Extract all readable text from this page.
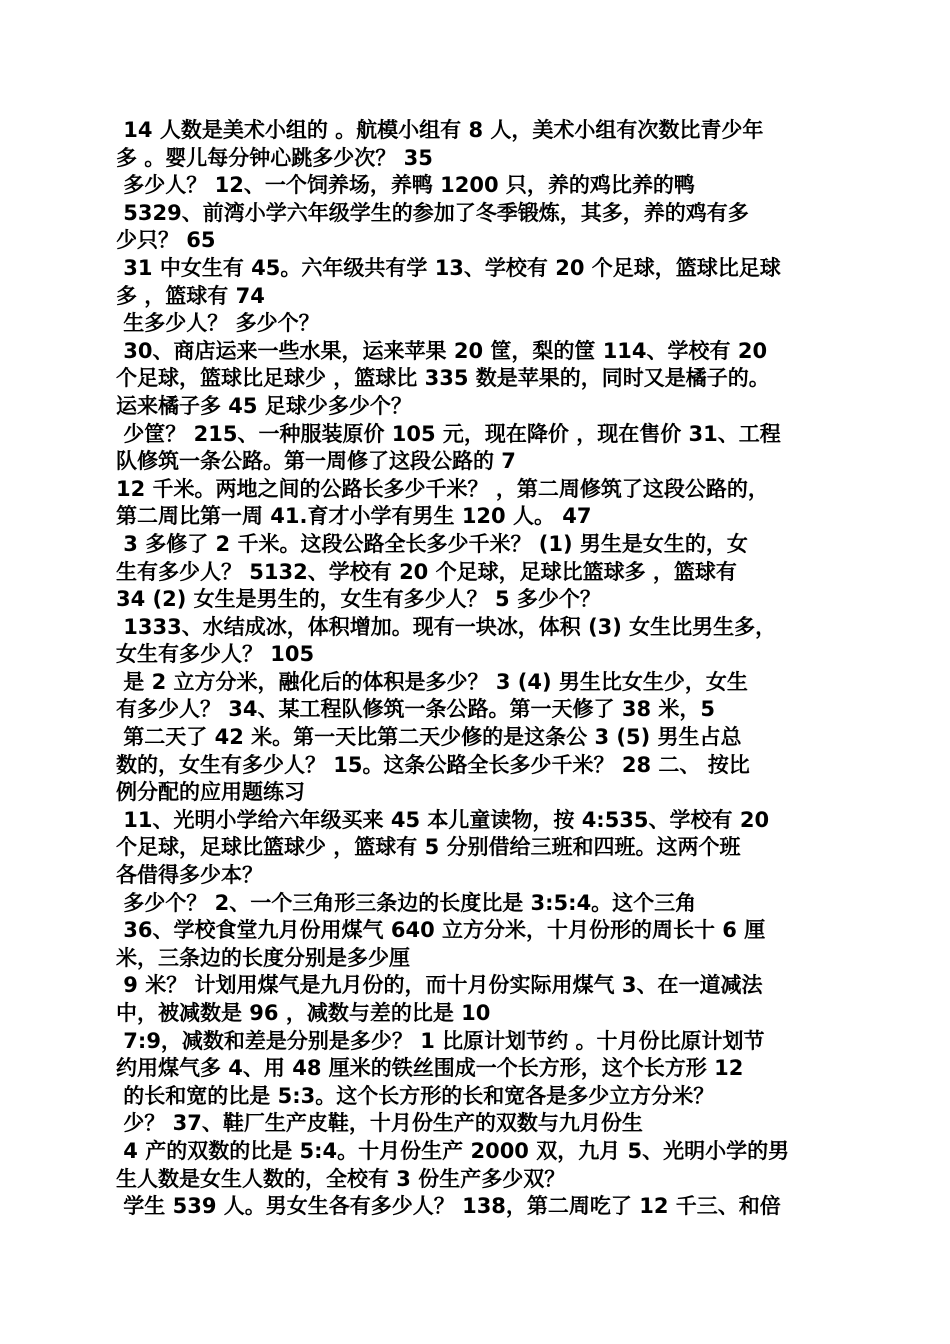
14 人数是美术小组的 。航模小组有 8 人，美术小组有次数比青少年
多 。婴儿每分钟心跳多少次？ 35
多少人？ 12、一个饲养场，养鸭 1200 只，养的鸡比养的鸭
5329、前湾小学六年级学生的参加了冬季锻炼，其多，养的鸡有多
少只？ 65
31 中女生有 45。六年级共有学 13、学校有 20 个足球，篮球比足球
多 ，篮球有 74
生多少人？ 多少个？
30、商店运来一些水果，运来苹果 20 筐，梨的筐 114、学校有 20
个足球，篮球比足球少 ，篮球比 335 数是苹果的，同时又是橘子的。
运来橘子多 45 足球少多少个？
少筐？ 215、一种服装原价 105 元，现在降价 ，现在售价 31、工程
队修筑一条公路。第一周修了这段公路的 7
12 千米。两地之间的公路长多少千米？ ，第二周修筑了这段公路的，
第二周比第一周 41.育才小学有男生 120 人。 47
3 多修了 2 千米。这段公路全长多少千米？ (1) 男生是女生的，女
生有多少人？ 5132、学校有 20 个足球，足球比篮球多 ，篮球有
34 (2) 女生是男生的，女生有多少人？ 5 多少个？
1333、水结成冰，体积增加。现有一块冰，体积 (3) 女生比男生多，
女生有多少人？ 105
是 2 立方分米，融化后的体积是多少？ 3 (4) 男生比女生少，女生
有多少人？ 34、某工程队修筑一条公路。第一天修了 38 米，5
第二天了 42 米。第一天比第二天少修的是这条公 3 (5) 男生占总
数的，女生有多少人？ 15。这条公路全长多少千米？ 28 二、 按比
例分配的应用题练习
11、光明小学给六年级买来 45 本儿童读物，按 4:535、学校有 20
个足球，足球比篮球少 ，篮球有 5 分别借给三班和四班。这两个班
各借得多少本？
多少个？ 2、一个三角形三条边的长度比是 3:5:4。这个三角
36、学校食堂九月份用煤气 640 立方分米，十月份形的周长十 6 厘
米，三条边的长度分别是多少厘
9 米？ 计划用煤气是九月份的，而十月份实际用煤气 3、在一道减法
中，被减数是 96 ，减数与差的比是 10
7:9，减数和差是分别是多少？ 1 比原计划节约 。十月份比原计划节
约用煤气多 4、用 48 厘米的铁丝围成一个长方形，这个长方形 12
的长和宽的比是 5:3。这个长方形的长和宽各是多少立方分米？
少？ 37、鞋厂生产皮鞋，十月份生产的双数与九月份生
4 产的双数的比是 5:4。十月份生产 2000 双，九月 5、光明小学的男
生人数是女生人数的，全校有 3 份生产多少双？
学生 539 人。男女生各有多少人？ 138，第二周吃了 12 千三、和倍
